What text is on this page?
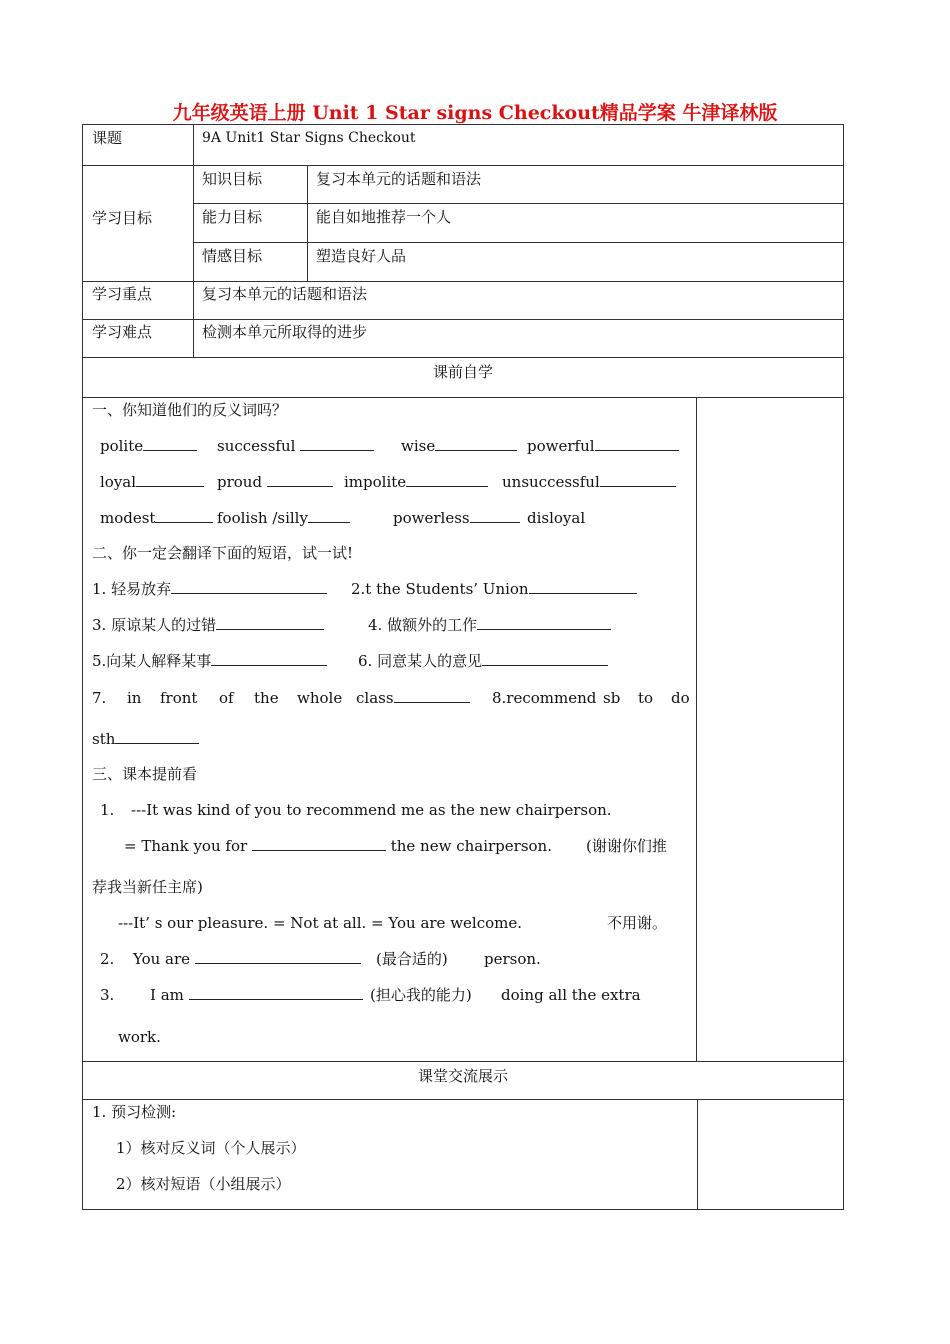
九年级英语上册 Unit 1 Star signs Checkout精品学案 牛津译林版
课题	9A Unit1 Star Signs Checkout
学习目标
知识目标	复习本单元的话题和语法
能力目标	能自如地推荐一个人
情感目标	塑造良好人品
学习重点	复习本单元的话题和语法
学习难点	检测本单元所取得的进步
课前自学
一、你知道他们的反义词吗？
polite	successful	wise	powerful
loyal	proud	impolite	unsuccessful
modest	foolish /silly	powerless	disloyal
二、你一定会翻译下面的短语，试一试!
1. 轻易放弃	2.t the Students’ Union
3. 原谅某人的过错	4. 做额外的工作
5.向某人解释某事	6. 同意某人的意见
7. in front of the whole class	8.recommend sb to do
sth
三、课本提前看
1. ---It was kind of you to recommend me as the new chairperson.
= Thank you for	the new chairperson. (谢谢你们推
荐我当新任主席)
---It’ s our pleasure. = Not at all. = You are welcome.	不用谢。
2. You are	(最合适的) person.
3. I am	(担心我的能力) doing all the extra
work.
课堂交流展示
1. 预习检测:
1）核对反义词（个人展示）
2）核对短语（小组展示）
